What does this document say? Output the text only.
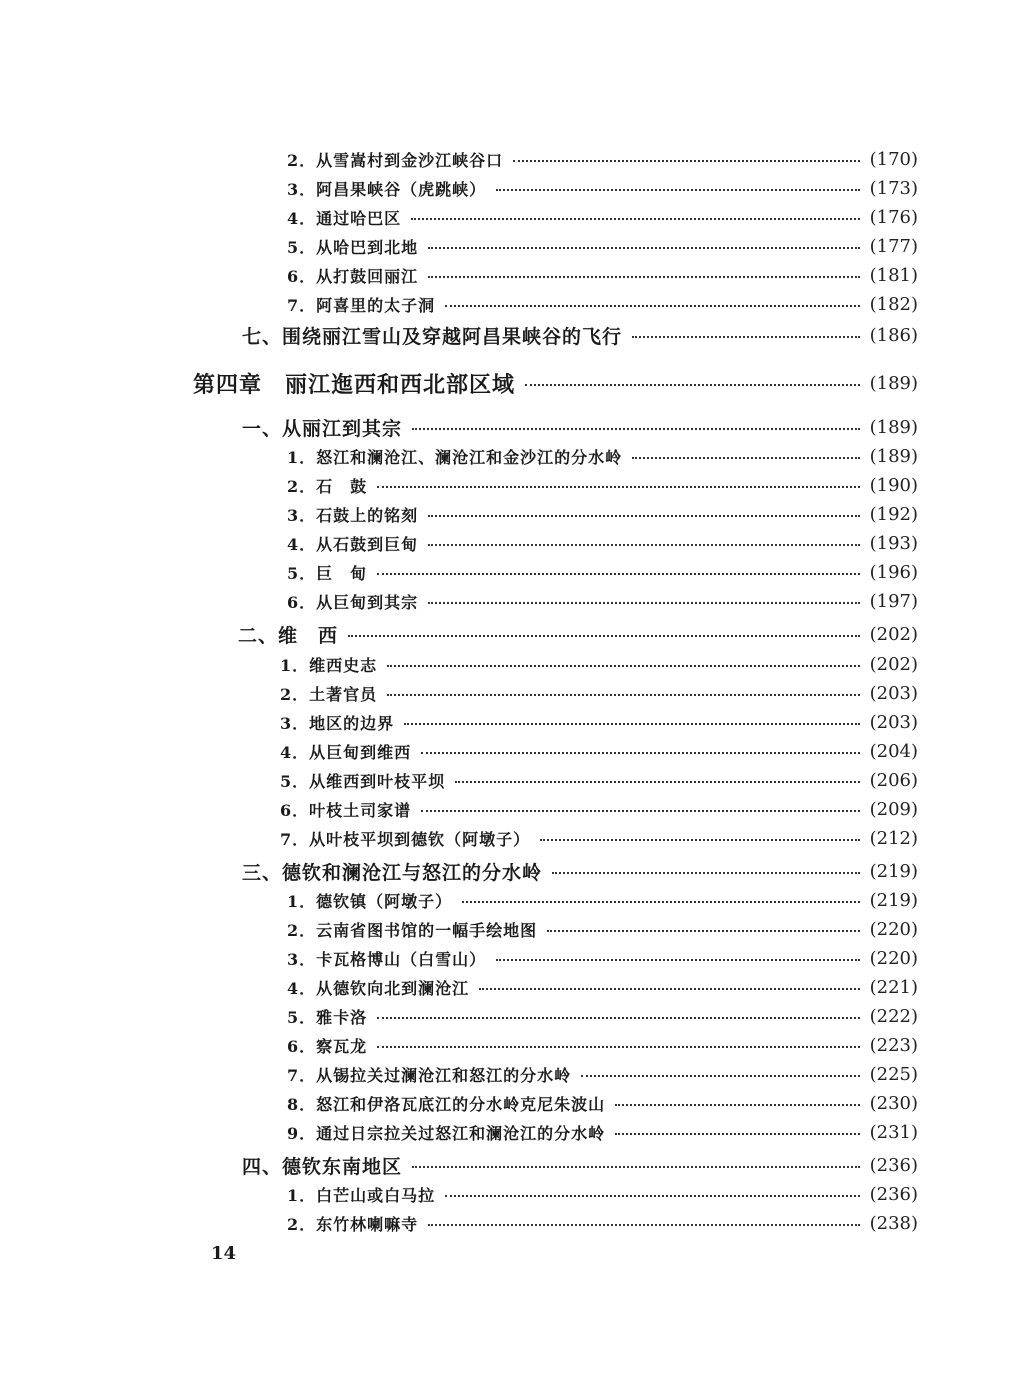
2．从雪嵩村到金沙江峡谷口	(170)
3．阿昌果峡谷（虎跳峡）	(173)
4．通过哈巴区	(176)
5．从哈巴到北地	(177)
6．从打鼓回丽江	(181)
7．阿喜里的太子洞	(182)
七、围绕丽江雪山及穿越阿昌果峡谷的飞行	(186)
第四章　丽江迤西和西北部区域	(189)
一、从丽江到其宗	(189)
1．怒江和澜沧江、澜沧江和金沙江的分水岭	(189)
2．石　鼓	(190)
3．石鼓上的铭刻	(192)
4．从石鼓到巨甸	(193)
5．巨　甸	(196)
6．从巨甸到其宗	(197)
二、维　西	(202)
1．维西史志	(202)
2．土著官员	(203)
3．地区的边界	(203)
4．从巨甸到维西	(204)
5．从维西到叶枝平坝	(206)
6．叶枝土司家谱	(209)
7．从叶枝平坝到德钦（阿墩子）	(212)
三、德钦和澜沧江与怒江的分水岭	(219)
1．德钦镇（阿墩子）	(219)
2．云南省图书馆的一幅手绘地图	(220)
3．卡瓦格博山（白雪山）	(220)
4．从德钦向北到澜沧江	(221)
5．雅卡洛	(222)
6．察瓦龙	(223)
7．从锡拉关过澜沧江和怒江的分水岭	(225)
8．怒江和伊洛瓦底江的分水岭克尼朱波山	(230)
9．通过日宗拉关过怒江和澜沧江的分水岭	(231)
四、德钦东南地区	(236)
1．白芒山或白马拉	(236)
2．东竹林喇嘛寺	(238)
14
